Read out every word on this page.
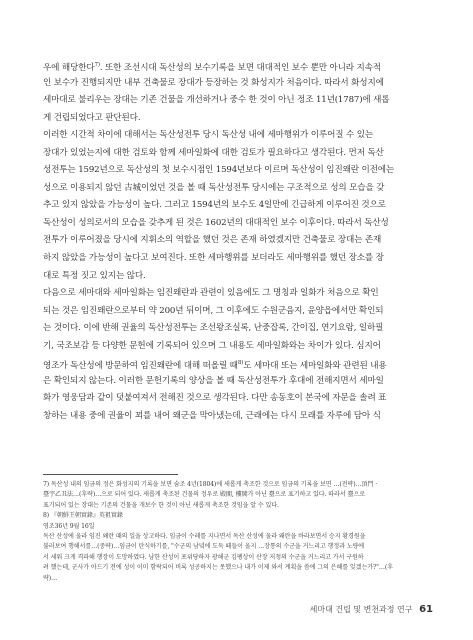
우에 해당한다$^{7)}$. 또한 조선시대 독산성의 보수기록을 보면 대대적인 보수 뿐만 아니라 지속적
인 보수가 진행되지만 내부 건축물로 장대가 등장하는 것 화성지가 처음이다. 따라서 화성지에
세마대로 불리우는 장대는 기존 건물을 개선하거나 중수 한 것이 아닌 정조 11년(1787)에 새롭
게 건립되었다고 판단된다.
이러한 시간적 차이에 대해서는 독산성전투 당시 독산성 내에 세마행위가 이루어질 수 있는
장대가 있었는지에 대한 검토와 함께 세마일화에 대한 검토가 필요하다고 생각된다. 먼저 독산
성전투는 1592년으로 독산성의 첫 보수시점인 1594년보다 이르며 독산성이 임진왜란 이전에는
성으로 이용되지 않던 古城이었던 것을 볼 때 독산성전투 당시에는 구조적으로 성의 모습을 갖
추고 있지 않았을 가능성이 높다. 그러고 1594년의 보수도 4일만에 긴급하게 이루어진 것으로
독산성이 성의로서의 모습을 갖추게 된 것은 1602년의 대대적인 보수 이후이다. 따라서 독산성
전투가 이루어졌을 당시에 지휘소의 역할을 했던 것은 존재 하였겠지만 건축물로 장대는 존재
하지 않았을 가능성이 높다고 보여진다. 또한 세마행위를 보더라도 세마행위를 했던 장소를 장
대로 특정 짓고 있지는 않다.
다음으로 세마대와 세마일화는 임진왜란과 관련이 있음에도 그 명칭과 일화가 처음으로 확인
되는 것은 임진왜란으로부터 약 200년 뒤이며, 그 이후에도 수원군음지, 윤양읍에서만 확인되
는 것이다. 이에 반해 권율의 독산성전투는 조선왕조실록, 난중잡록, 간이집, 연기요람, 일하필
기, 국조보감 등 다양한 문헌에 기록되어 있으며 그 내용도 세마일화와는 차이가 있다. 심지어
영조가 독산성에 방문하여 임진왜란에 대해 떠올릴 때$^{8)}$도 세마대 또는 세마일화와 관련된 내용
은 확인되지 않는다. 이러한 문헌기록의 양상을 볼 때 독산성전투가 후대에 전해지면서 세마일
화가 영웅담과 같이 덧붙여져서 전해진 것으로 생각된다. 다만 송동호이 본국에 자문을 솔려 표
창하는 내용 중에 권율이 꾀를 내어 왜군을 막아냈는데, 근래에는 다시 모래를 자루에 담아 식
7) 독산성 내의 임금의 정은 화성지의 기록을 보면 숨조 4년(1804)에 새롭게 축조한 것으로 임금의 기록을 보면 …(전략)…頂門 ·
臺宇乙丑法…(후략)…으로 되어 있다. 새롭게 축조된 건물의 정우로 殿閣, 樓閣가 아닌 臺으로 표기하고 있다. 따라서 臺으로
표기되어 있는 장대는 기존의 건물을 개보수 한 것이 아닌 새롭게 축조한 것임을 알 수 있다.
8) 『朝鮮王朝實錄』英祖實錄
영조36년 9월 16일
독산 산성에 올라 임진 왜란 때의 일을 상고하다. 임금이 수레를 지나면서 독산 산성에 올라 왜란을 바라보면서 승지 황경원을
불러보여 행해서를…(중략)…임금이 탄식하기를, "수군의 남녘에 도둑 떼들이 올지 …장통의 수군을 거느리고 행정과 노량에
서 세워 크게 격파해 행장이 도망하였다. 남한 산성이 포위당하자 광해군 김팽상이 산장 저청의 수군을 거느리고 가서 구원하
려 했는데, 군사가 아드기 전에 성이 이미 함락되어 비록 성공하지는 못했으나 내가 이제 와서 계획을 씀에 그의 은혜를 잊겠는가?"…(후
략)…
세마대 건립 및 변천과정 연구 61
